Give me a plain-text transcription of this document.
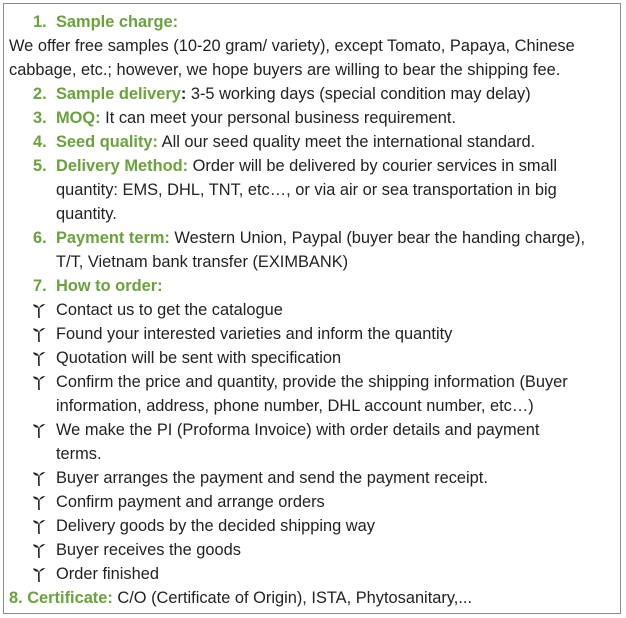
1. Sample charge:
We offer free samples (10-20 gram/ variety), except Tomato, Papaya, Chinese
cabbage, etc.; however, we hope buyers are willing to bear the shipping fee.
2. Sample delivery: 3-5 working days (special condition may delay)
3. MOQ: It can meet your personal business requirement.
4. Seed quality: All our seed quality meet the international standard.
5. Delivery Method: Order will be delivered by courier services in small
quantity: EMS, DHL, TNT, etc…, or via air or sea transportation in big
quantity.
6. Payment term: Western Union, Paypal (buyer bear the handing charge),
T/T, Vietnam bank transfer (EXIMBANK)
7. How to order:
Contact us to get the catalogue
Found your interested varieties and inform the quantity
Quotation will be sent with specification
Confirm the price and quantity, provide the shipping information (Buyer
information, address, phone number, DHL account number, etc…)
We make the PI (Proforma Invoice) with order details and payment
terms.
Buyer arranges the payment and send the payment receipt.
Confirm payment and arrange orders
Delivery goods by the decided shipping way
Buyer receives the goods
Order finished
8. Certificate: C/O (Certificate of Origin), ISTA, Phytosanitary,...
